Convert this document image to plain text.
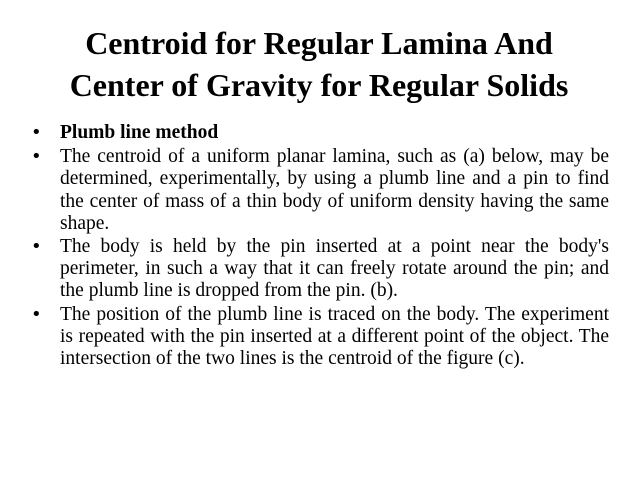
Centroid for Regular Lamina And
Center of Gravity for Regular Solids
• Plumb line method
• The centroid of a uniform planar lamina, such as (a) below, may be determined, experimentally, by using a plumb line and a pin to find the center of mass of a thin body of uniform density having the same shape.
• The body is held by the pin inserted at a point near the body's perimeter, in such a way that it can freely rotate around the pin; and the plumb line is dropped from the pin. (b).
• The position of the plumb line is traced on the body. The experiment is repeated with the pin inserted at a different point of the object. The intersection of the two lines is the centroid of the figure (c).
